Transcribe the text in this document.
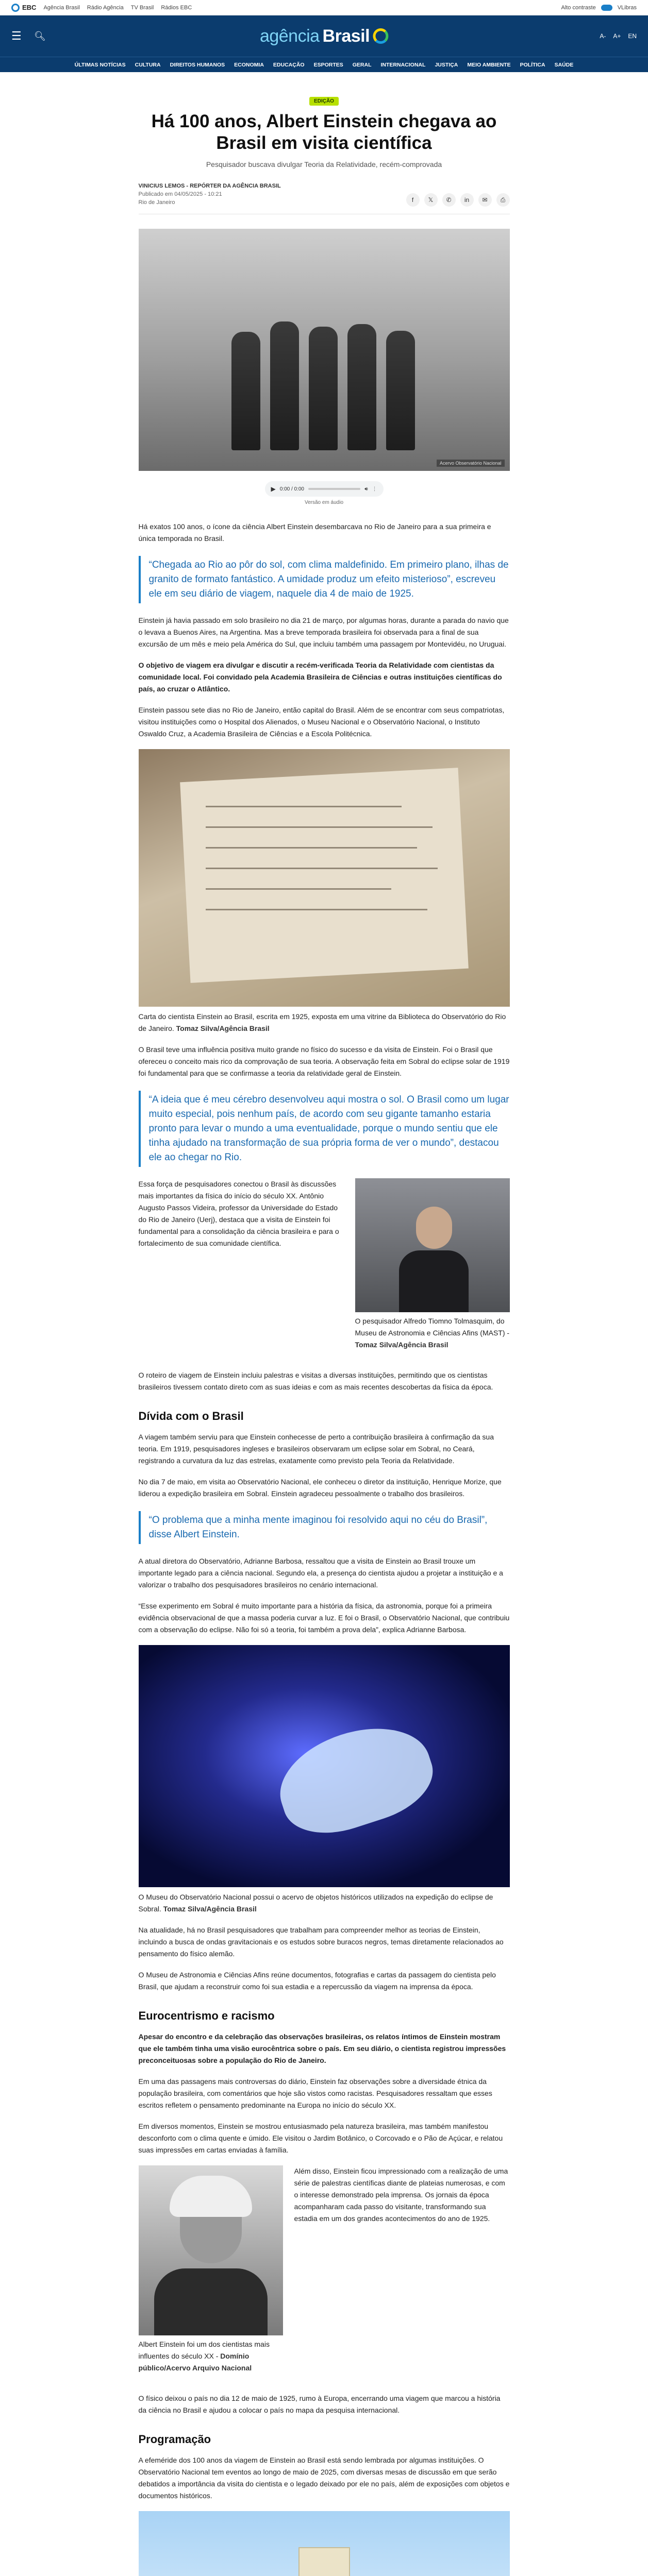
EBC Agência Brasil Rádio Agência TV Brasil Rádios EBC	Alto contraste	VLibras
☰	🔍︎	agência Brasil	A- A+ EN
ÚLTIMAS NOTÍCIAS CULTURA DIREITOS HUMANOS ECONOMIA EDUCAÇÃO ESPORTES GERAL INTERNACIONAL JUSTIÇA MEIO AMBIENTE POLÍTICA SAÚDE
EDIÇÃO
Há 100 anos, Albert Einstein chegava ao Brasil em visita científica

Pesquisador buscava divulgar Teoria da Relatividade, recém-comprovada

VINICIUS LEMOS - REPÓRTER DA AGÊNCIA BRASIL
Publicado em 04/05/2025 - 10:21
Rio de Janeiro	f	𝕏	✆	in	✉	⎙
Acervo Observatório Nacional
▶ 0:00 / 0:00	🔊︎ ⋮
Versão em áudio

Há exatos 100 anos, o ícone da ciência Albert Einstein desembarcava no Rio de Janeiro para a sua primeira e única temporada no Brasil.

“Chegada ao Rio ao pôr do sol, com clima maldefinido. Em primeiro plano, ilhas de granito de formato fantástico. A umidade produz um efeito misterioso”, escreveu ele em seu diário de viagem, naquele dia 4 de maio de 1925.

Einstein já havia passado em solo brasileiro no dia 21 de março, por algumas horas, durante a parada do navio que o levava a Buenos Aires, na Argentina. Mas a breve temporada brasileira foi observada para a final de sua excursão de um mês e meio pela América do Sul, que incluiu também uma passagem por Montevidéu, no Uruguai.

O objetivo de viagem era divulgar e discutir a recém-verificada Teoria da Relatividade com cientistas da comunidade local. Foi convidado pela Academia Brasileira de Ciências e outras instituições científicas do país, ao cruzar o Atlântico.

Einstein passou sete dias no Rio de Janeiro, então capital do Brasil. Além de se encontrar com seus compatriotas, visitou instituições como o Hospital dos Alienados, o Museu Nacional e o Observatório Nacional, o Instituto Oswaldo Cruz, a Academia Brasileira de Ciências e a Escola Politécnica.

Carta do cientista Einstein ao Brasil, escrita em 1925, exposta em uma vitrine da Biblioteca do Observatório do Rio de Janeiro. Tomaz Silva/Agência Brasil

O Brasil teve uma influência positiva muito grande no físico do sucesso e da visita de Einstein. Foi o Brasil que ofereceu o conceito mais rico da comprovação de sua teoria. A observação feita em Sobral do eclipse solar de 1919 foi fundamental para que se confirmasse a teoria da relatividade geral de Einstein.

“A ideia que é meu cérebro desenvolveu aqui mostra o sol. O Brasil como um lugar muito especial, pois nenhum país, de acordo com seu gigante tamanho estaria pronto para levar o mundo a uma eventualidade, porque o mundo sentiu que ele tinha ajudado na transformação de sua própria forma de ver o mundo”, destacou ele ao chegar no Rio.

Essa força de pesquisadores conectou o Brasil às discussões mais importantes da física do início do século XX. Antônio Augusto Passos Videira, professor da Universidade do Estado do Rio de Janeiro (Uerj), destaca que a visita de Einstein foi fundamental para a consolidação da ciência brasileira e para o fortalecimento de sua comunidade científica.

O pesquisador Alfredo Tiomno Tolmasquim, do Museu de Astronomia e Ciências Afins (MAST) - Tomaz Silva/Agência Brasil

O roteiro de viagem de Einstein incluiu palestras e visitas a diversas instituições, permitindo que os cientistas brasileiros tivessem contato direto com as suas ideias e com as mais recentes descobertas da física da época.

Dívida com o Brasil

A viagem também serviu para que Einstein conhecesse de perto a contribuição brasileira à confirmação da sua teoria. Em 1919, pesquisadores ingleses e brasileiros observaram um eclipse solar em Sobral, no Ceará, registrando a curvatura da luz das estrelas, exatamente como previsto pela Teoria da Relatividade.

No dia 7 de maio, em visita ao Observatório Nacional, ele conheceu o diretor da instituição, Henrique Morize, que liderou a expedição brasileira em Sobral. Einstein agradeceu pessoalmente o trabalho dos brasileiros.

“O problema que a minha mente imaginou foi resolvido aqui no céu do Brasil”, disse Albert Einstein.

A atual diretora do Observatório, Adrianne Barbosa, ressaltou que a visita de Einstein ao Brasil trouxe um importante legado para a ciência nacional. Segundo ela, a presença do cientista ajudou a projetar a instituição e a valorizar o trabalho dos pesquisadores brasileiros no cenário internacional.

“Esse experimento em Sobral é muito importante para a história da física, da astronomia, porque foi a primeira evidência observacional de que a massa poderia curvar a luz. E foi o Brasil, o Observatório Nacional, que contribuiu com a observação do eclipse. Não foi só a teoria, foi também a prova dela”, explica Adrianne Barbosa.

O Museu do Observatório Nacional possui o acervo de objetos históricos utilizados na expedição do eclipse de Sobral. Tomaz Silva/Agência Brasil

Na atualidade, há no Brasil pesquisadores que trabalham para compreender melhor as teorias de Einstein, incluindo a busca de ondas gravitacionais e os estudos sobre buracos negros, temas diretamente relacionados ao pensamento do físico alemão.

O Museu de Astronomia e Ciências Afins reúne documentos, fotografias e cartas da passagem do cientista pelo Brasil, que ajudam a reconstruir como foi sua estadia e a repercussão da viagem na imprensa da época.

Eurocentrismo e racismo

Apesar do encontro e da celebração das observações brasileiras, os relatos íntimos de Einstein mostram que ele também tinha uma visão eurocêntrica sobre o país. Em seu diário, o cientista registrou impressões preconceituosas sobre a população do Rio de Janeiro.

Em uma das passagens mais controversas do diário, Einstein faz observações sobre a diversidade étnica da população brasileira, com comentários que hoje são vistos como racistas. Pesquisadores ressaltam que esses escritos refletem o pensamento predominante na Europa no início do século XX.

Em diversos momentos, Einstein se mostrou entusiasmado pela natureza brasileira, mas também manifestou desconforto com o clima quente e úmido. Ele visitou o Jardim Botânico, o Corcovado e o Pão de Açúcar, e relatou suas impressões em cartas enviadas à família.

Albert Einstein foi um dos cientistas mais influentes do século XX - Domínio público/Acervo Arquivo Nacional

Além disso, Einstein ficou impressionado com a realização de uma série de palestras científicas diante de plateias numerosas, e com o interesse demonstrado pela imprensa. Os jornais da época acompanharam cada passo do visitante, transformando sua estadia em um dos grandes acontecimentos do ano de 1925.

O físico deixou o país no dia 12 de maio de 1925, rumo à Europa, encerrando uma viagem que marcou a história da ciência no Brasil e ajudou a colocar o país no mapa da pesquisa internacional.

Programação

A efeméride dos 100 anos da viagem de Einstein ao Brasil está sendo lembrada por algumas instituições. O Observatório Nacional tem eventos ao longo de maio de 2025, com diversas mesas de discussão em que serão debatidos a importância da visita do cientista e o legado deixado por ele no país, além de exposições com objetos e documentos históricos.
